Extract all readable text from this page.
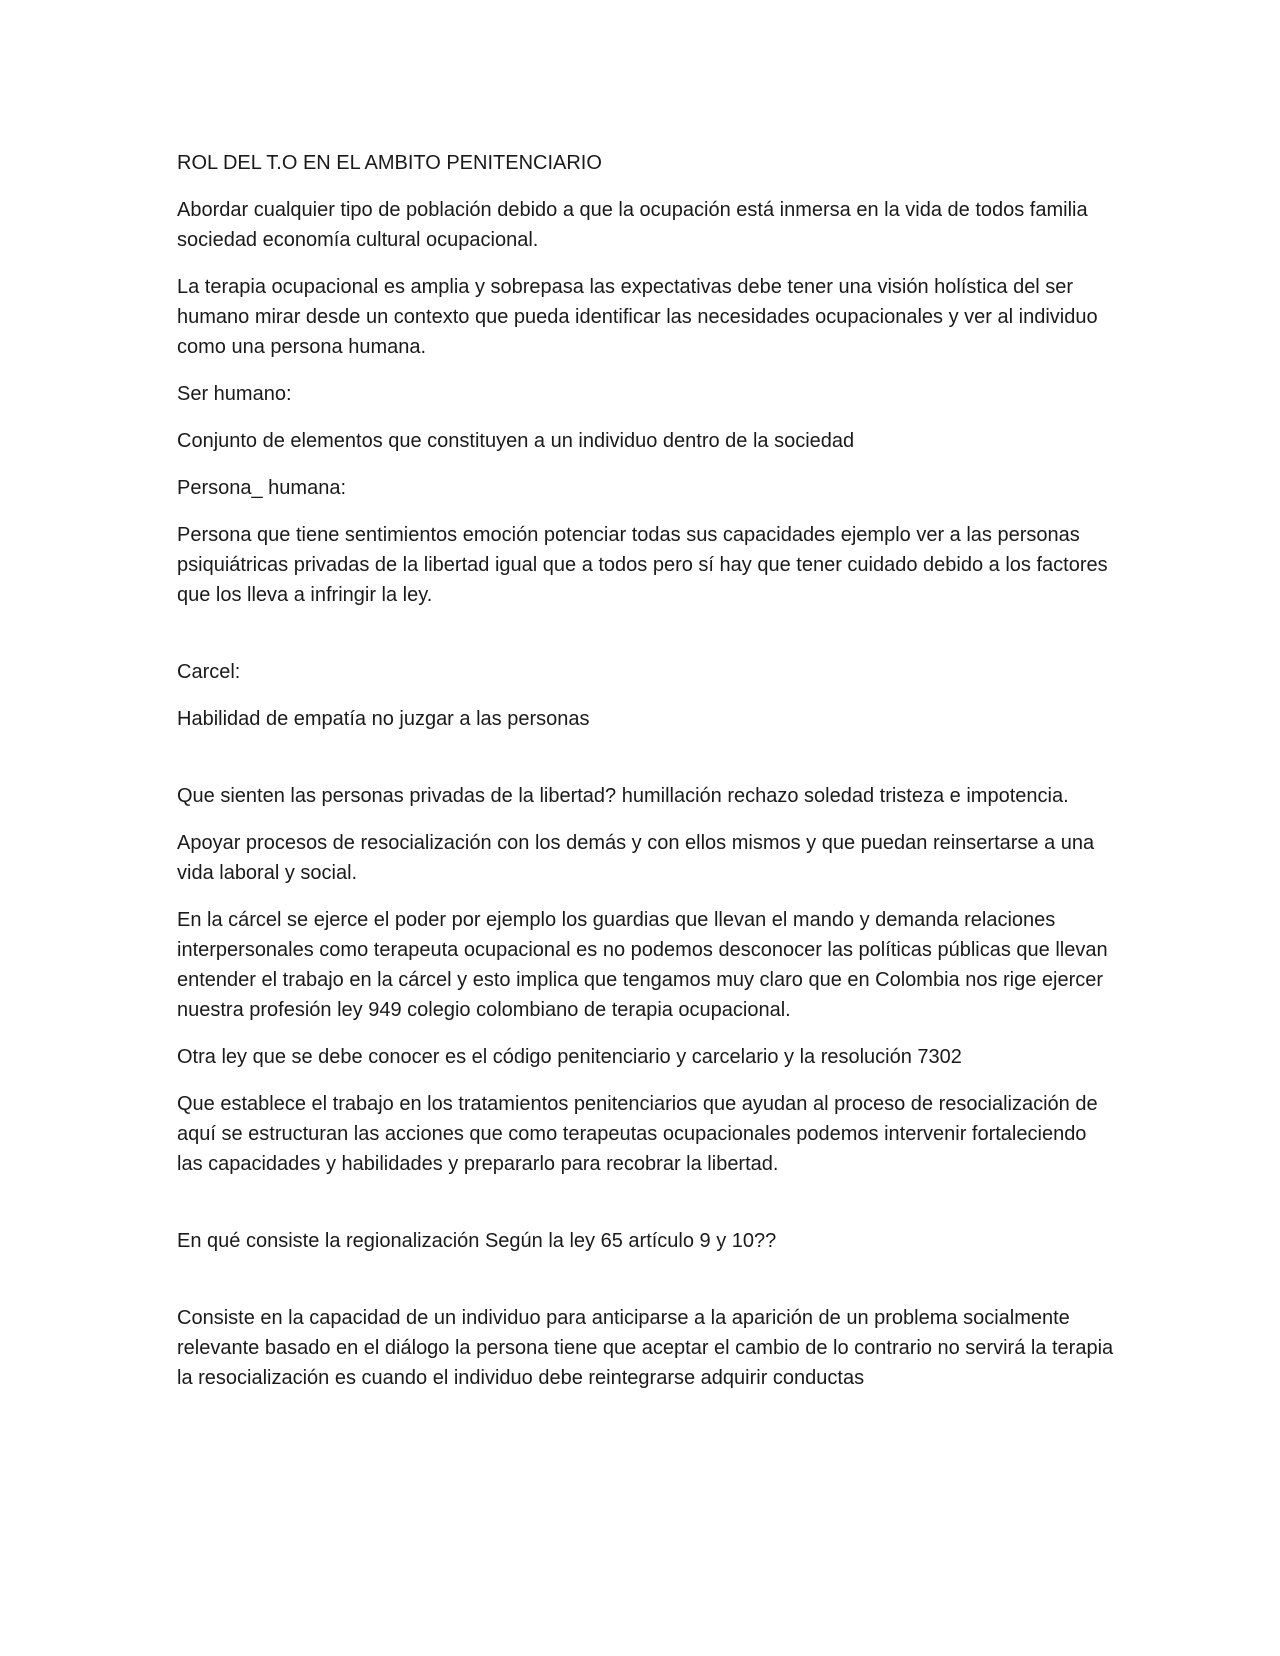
ROL DEL T.O EN EL AMBITO PENITENCIARIO

Abordar cualquier tipo de población debido a que la ocupación está inmersa en la vida de todos familia sociedad economía cultural ocupacional.

La terapia ocupacional es amplia y sobrepasa las expectativas debe tener una visión holística del ser humano mirar desde un contexto que pueda identificar las necesidades ocupacionales y ver al individuo como una persona humana.

Ser humano:

Conjunto de elementos que constituyen a un individuo dentro de la sociedad

Persona_ humana:

Persona que tiene sentimientos emoción potenciar todas sus capacidades ejemplo ver a las personas psiquiátricas privadas de la libertad igual que a todos pero sí hay que tener cuidado debido a los factores que los lleva a infringir la ley.

Carcel:

Habilidad de empatía no juzgar a las personas

Que sienten las personas privadas de la libertad? humillación rechazo soledad tristeza e impotencia.

Apoyar procesos de resocialización con los demás y con ellos mismos y que puedan reinsertarse a una vida laboral y social.

En la cárcel se ejerce el poder por ejemplo los guardias que llevan el mando y demanda relaciones interpersonales como terapeuta ocupacional es no podemos desconocer las políticas públicas que llevan entender el trabajo en la cárcel y esto implica que tengamos muy claro que en Colombia nos rige ejercer nuestra profesión ley 949 colegio colombiano de terapia ocupacional.

Otra ley que se debe conocer es el código penitenciario y carcelario y la resolución 7302

Que establece el trabajo en los tratamientos penitenciarios que ayudan al proceso de resocialización de aquí se estructuran las acciones que como terapeutas ocupacionales podemos intervenir fortaleciendo las capacidades y habilidades y prepararlo para recobrar la libertad.

En qué consiste la regionalización Según la ley 65 artículo 9 y 10??

Consiste en la capacidad de un individuo para anticiparse a la aparición de un problema socialmente relevante basado en el diálogo la persona tiene que aceptar el cambio de lo contrario no servirá la terapia la resocialización es cuando el individuo debe reintegrarse adquirir conductas
